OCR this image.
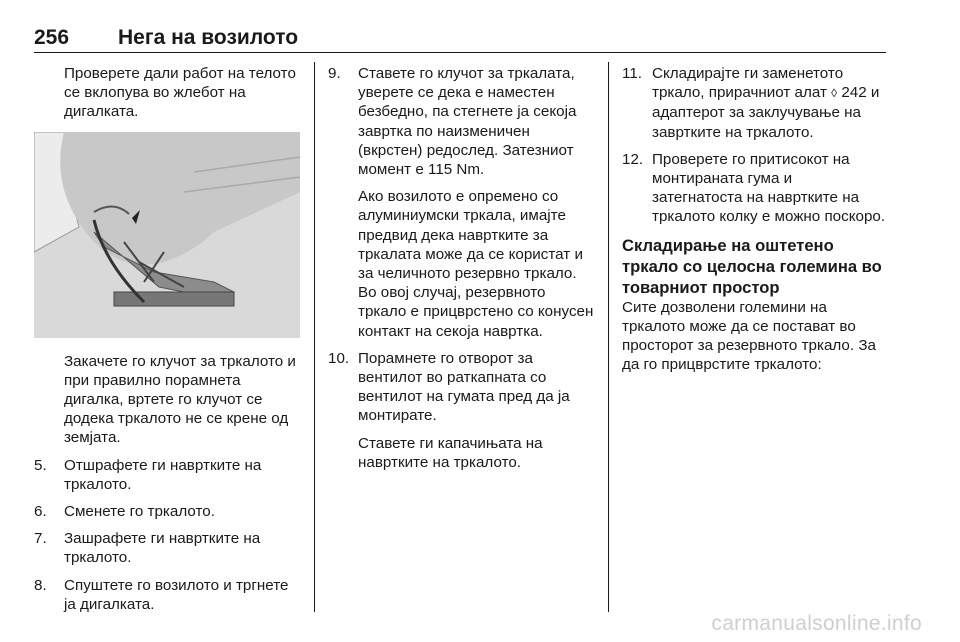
256 Нега на возилото

Проверете дали работ на телото се вклопува во жлебот на дигалката.

Закачете го клучот за тркалото и при правилно порамнета дигалка, вртете го клучот се додека тркалото не се крене од земјата.

5. Отшрафете ги навртките на тркалото.
6. Сменете го тркалото.
7. Зашрафете ги навртките на тркалото.
8. Спуштете го возилото и тргнете ја дигалката.
9. Ставете го клучот за тркалата, уверете се дека е наместен безбедно, па стегнете ја секоја завртка по наизменичен (вкрстен) редослед. Затезниот момент е 115 Nm.

Ако возилото е опремено со алуминиумски тркала, имајте предвид дека навртките за тркалата може да се користат и за челичното резервно тркало. Во овој случај, резервното тркало е прицврстено со конусен контакт на секоја навртка.

10. Порамнете го отворот за вентилот во раткапната со вентилот на гумата пред да ја монтирате.

Ставете ги капачињата на навртките на тркалото.

11. Складирајте ги заменетото тркало, прирачниот алат ◊ 242 и адаптерот за заклучување на завртките на тркалото.
12. Проверете го притисокот на монтираната гума и затегнатоста на навртките на тркалото колку е можно поскоро.

Складирање на оштетено тркало со целосна големина во товарниот простор

Сите дозволени големини на тркалото може да се постават во просторот за резервното тркало. За да го прицврстите тркалото:

carmanualsonline.info
